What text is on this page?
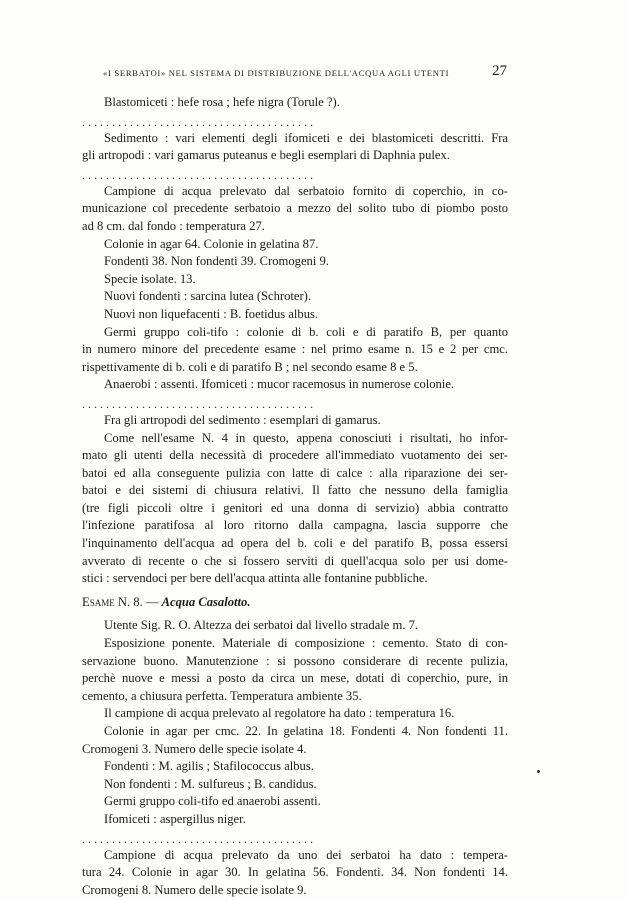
«I SERBATOI» NEL SISTEMA DI DISTRIBUZIONE DELL'ACQUA AGLI UTENTI	27
Blastomiceti : hefe rosa ; hefe nigra (Torule ?).
. . . . . . . . . . . . . . . . . . . . . . . . . . . . . . . . . . . . . . .
Sedimento : vari elementi degli ifomiceti e dei blastomiceti descritti. Fra
gli artropodi : vari gamarus puteanus e begli esemplari di Daphnia pulex.
. . . . . . . . . . . . . . . . . . . . . . . . . . . . . . . . . . . . . . .
Campione di acqua prelevato dal serbatoio fornito di coperchio, in co-
municazione col precedente serbatoio a mezzo del solito tubo di piombo posto
ad 8 cm. dal fondo : temperatura 27.
Colonie in agar 64. Colonie in gelatina 87.
Fondenti 38. Non fondenti 39. Cromogeni 9.
Specie isolate. 13.
Nuovi fondenti : sarcina lutea (Schroter).
Nuovi non liquefacenti : B. foetidus albus.
Germi gruppo coli-tifo : colonie di b. coli e di paratifo B, per quanto
in numero minore del precedente esame : nel primo esame n. 15 e 2 per cmc.
rispettivamente di b. coli e di paratifo B ; nel secondo esame 8 e 5.
Anaerobi : assenti. Ifomiceti : mucor racemosus in numerose colonie.
. . . . . . . . . . . . . . . . . . . . . . . . . . . . . . . . . . . . . . .
Fra gli artropodi del sedimento : esemplari di gamarus.
Come nell'esame N. 4 in questo, appena conosciuti i risultati, ho infor-
mato gli utenti della necessità di procedere all'immediato vuotamento dei ser-
batoi ed alla conseguente pulizia con latte di calce : alla riparazione dei ser-
batoi e dei sistemi di chiusura relativi. Il fatto che nessuno della famiglia
(tre figli piccoli oltre i genitori ed una donna di servizio) abbia contratto
l'infezione paratifosa al loro ritorno dalla campagna, lascia supporre che
l'inquinamento dell'acqua ad opera del b. coli e del paratifo B, possa essersi
avverato di recente o che si fossero serviti di quell'acqua solo per usi dome-
stici : servendoci per bere dell'acqua attinta alle fontanine pubbliche.
Esame N. 8. — Acqua Casalotto.
Utente Sig. R. O. Altezza dei serbatoi dal livello stradale m. 7.
Esposizione ponente. Materiale di composizione : cemento. Stato di con-
servazione buono. Manutenzione : si possono considerare di recente pulizia,
perchè nuove e messi a posto da circa un mese, dotati di coperchio, pure, in
cemento, a chiusura perfetta. Temperatura ambiente 35.
Il campione di acqua prelevato al regolatore ha dato : temperatura 16.
Colonie in agar per cmc. 22. In gelatina 18. Fondenti 4. Non fondenti 11.
Cromogeni 3. Numero delle specie isolate 4.
Fondenti : M. agilis ; Stafilococcus albus.
Non fondenti : M. sulfureus ; B. candidus.
Germi gruppo coli-tifo ed anaerobi assenti.
Ifomiceti : aspergillus niger.
. . . . . . . . . . . . . . . . . . . . . . . . . . . . . . . . . . . . . . .
Campione di acqua prelevato da uno dei serbatoi ha dato : tempera-
tura 24. Colonie in agar 30. In gelatina 56. Fondenti. 34. Non fondenti 14.
Cromogeni 8. Numero delle specie isolate 9.
